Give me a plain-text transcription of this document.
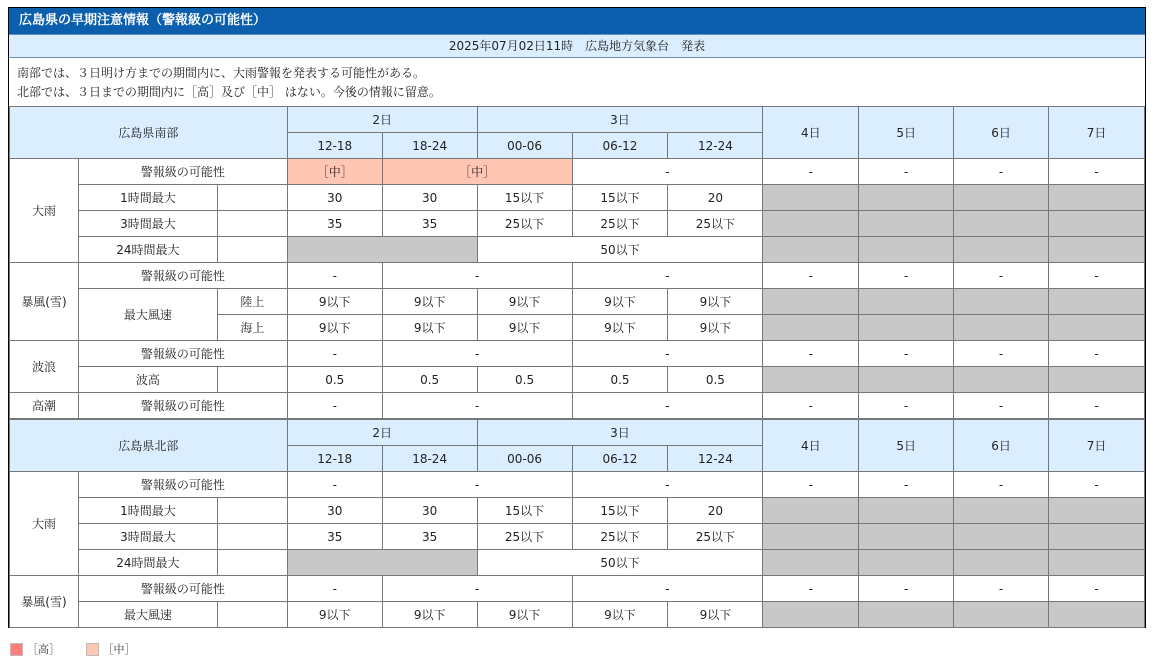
広島県の早期注意情報（警報級の可能性）
2025年07月02日11時　広島地方気象台　発表
南部では、３日明け方までの期間内に、大雨警報を発表する可能性がある。
北部では、３日までの期間内に［高］及び［中］ はない。今後の情報に留意。
広島県南部			2日		3日			4日	5日	6日	7日
			12-18	18-24	00-06	06-12	12-24				
大雨	警報級の可能性		［中］	［中］		-		-	-	-	-
	1時間最大		30	30	15以下	15以下	20				
	3時間最大		35	35	25以下	25以下	25以下				
	24時間最大				50以下						
暴風(雪)	警報級の可能性		-	-		-		-	-	-	-
	最大風速	陸上	9以下	9以下	9以下	9以下	9以下				
		海上	9以下	9以下	9以下	9以下	9以下				
波浪	警報級の可能性		-	-		-		-	-	-	-
	波高		0.5	0.5	0.5	0.5	0.5				
高潮	警報級の可能性		-	-		-		-	-	-	-
広島県北部			2日		3日			4日	5日	6日	7日
			12-18	18-24	00-06	06-12	12-24				
大雨	警報級の可能性		-	-		-		-	-	-	-
	1時間最大		30	30	15以下	15以下	20				
	3時間最大		35	35	25以下	25以下	25以下				
	24時間最大				50以下						
暴風(雪)	警報級の可能性		-	-		-		-	-	-	-
	最大風速		9以下	9以下	9以下	9以下	9以下				
［高］	［中］
